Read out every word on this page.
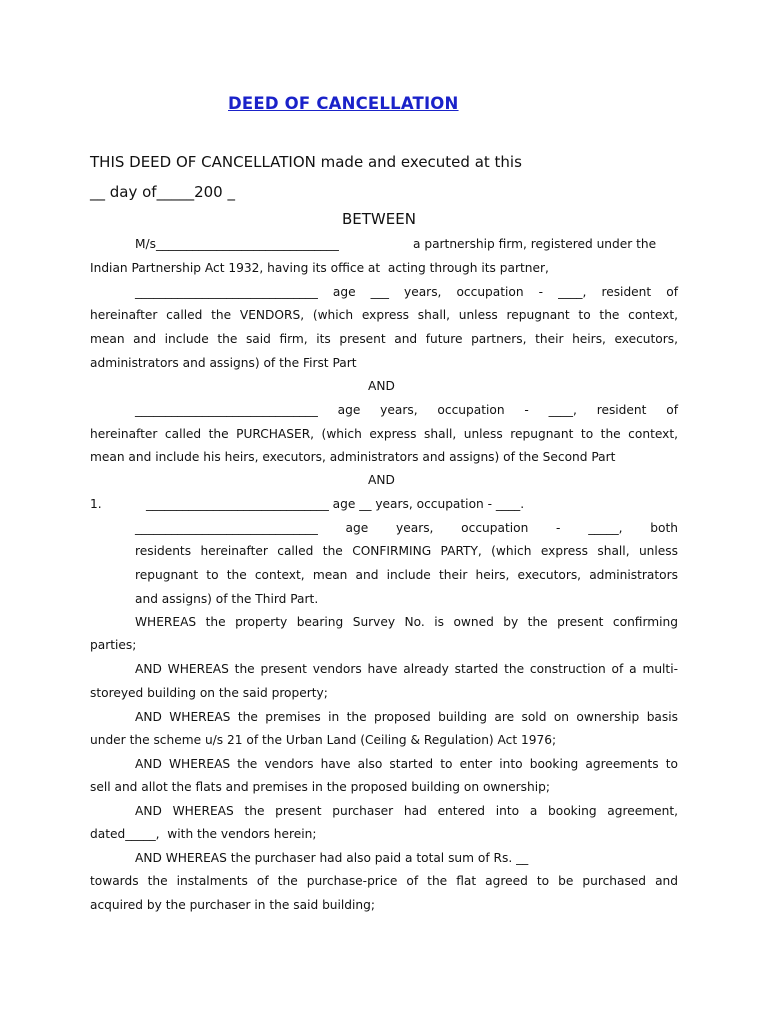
DEED OF CANCELLATION
THIS DEED OF CANCELLATION made and executed at this
__ day of_____200 _
BETWEEN
M/s______________________________	a partnership firm, registered under the
Indian Partnership Act 1932, having its office at  acting through its partner,
______________________________ age ___ years, occupation - ____, resident of
hereinafter called the VENDORS, (which express shall, unless repugnant to the context,
mean and include the said firm, its present and future partners, their heirs, executors,
administrators and assigns) of the First Part
AND
______________________________ age years, occupation - ____, resident of
hereinafter called the PURCHASER, (which express shall, unless repugnant to the context,
mean and include his heirs, executors, administrators and assigns) of the Second Part
AND
1.	______________________________ age __ years, occupation - ____.
______________________________ age years, occupation - _____, both
residents hereinafter called the CONFIRMING PARTY, (which express shall, unless
repugnant to the context, mean and include their heirs, executors, administrators
and assigns) of the Third Part.
WHEREAS the property bearing Survey No. is owned by the present confirming
parties;
AND WHEREAS the present vendors have already started the construction of a multi-
storeyed building on the said property;
AND WHEREAS the premises in the proposed building are sold on ownership basis
under the scheme u/s 21 of the Urban Land (Ceiling & Regulation) Act 1976;
AND WHEREAS the vendors have also started to enter into booking agreements to
sell and allot the flats and premises in the proposed building on ownership;
AND WHEREAS the present purchaser had entered into a booking agreement,
dated_____,  with the vendors herein;
AND WHEREAS the purchaser had also paid a total sum of Rs. __
towards the instalments of the purchase-price of the flat agreed to be purchased and
acquired by the purchaser in the said building;
